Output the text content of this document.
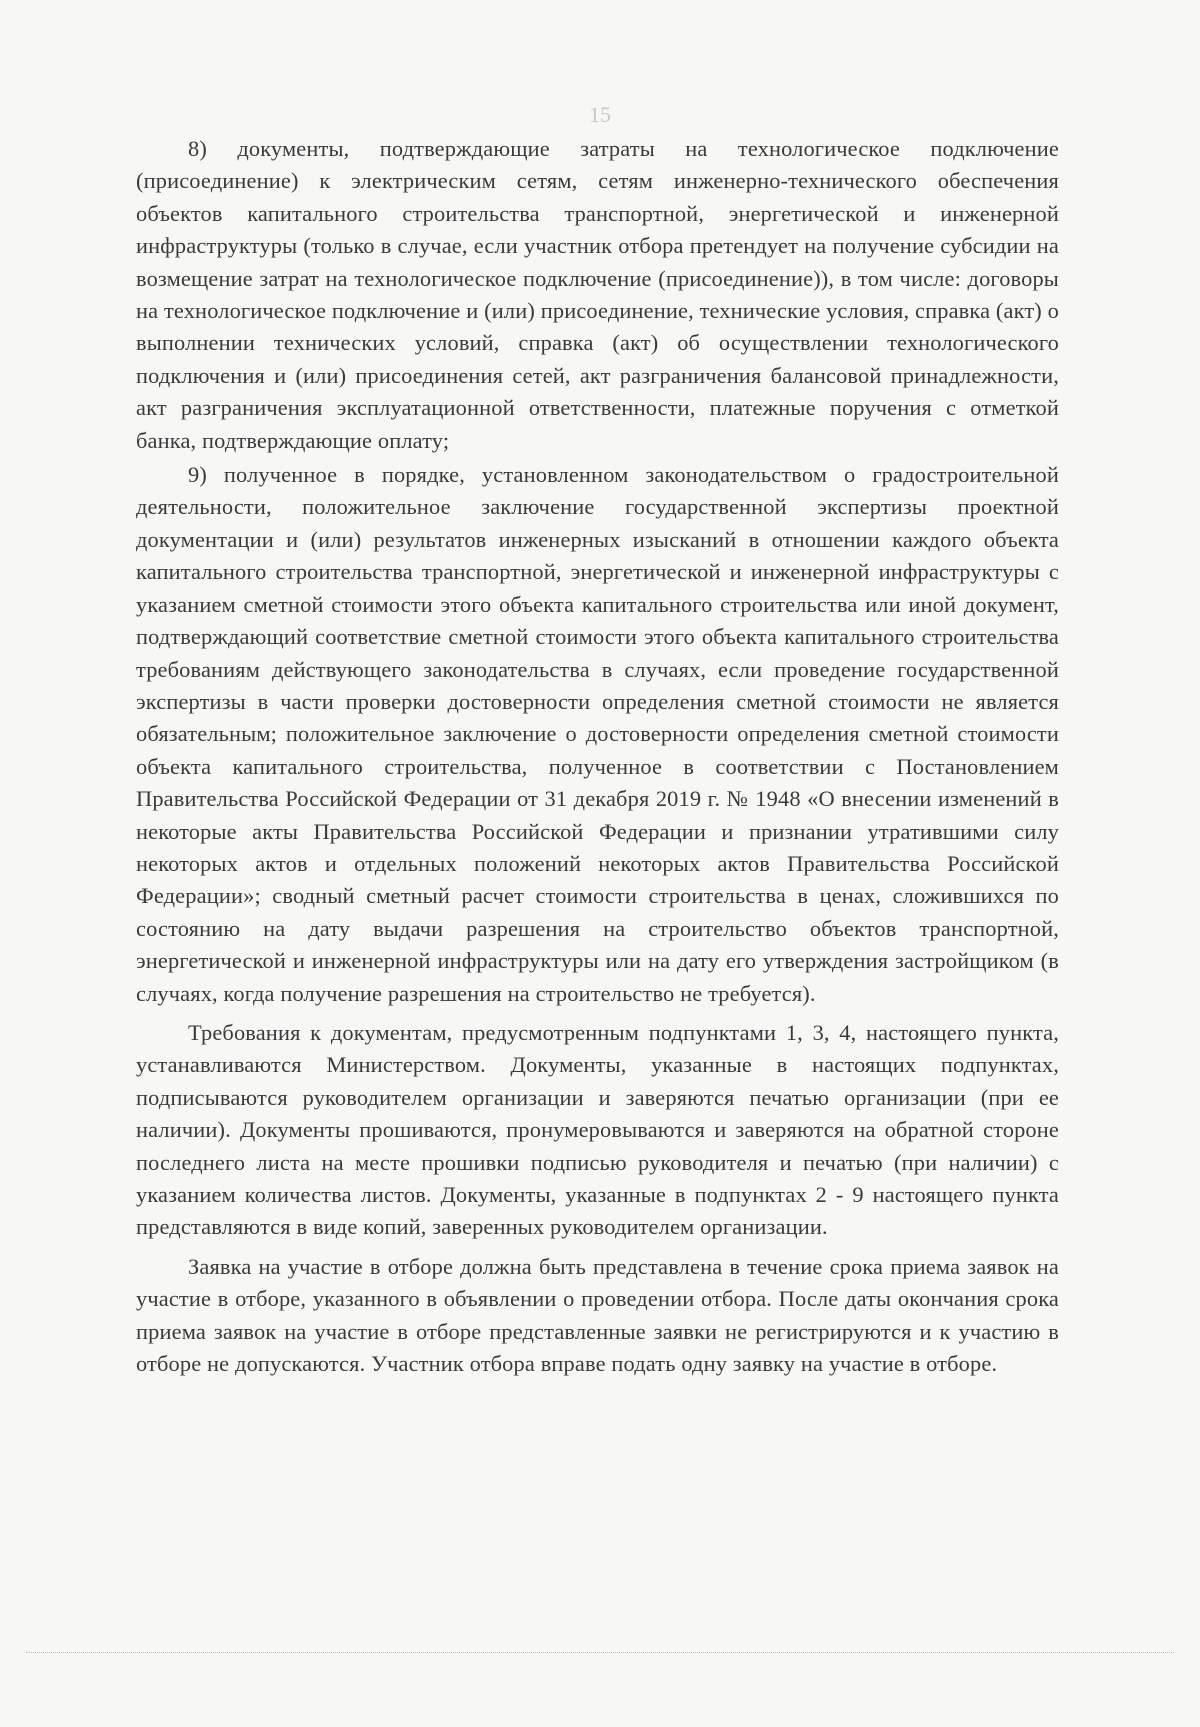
15

8) документы, подтверждающие затраты на технологическое подключение (присоединение) к электрическим сетям, сетям инженерно-технического обеспечения объектов капитального строительства транспортной, энергетической и инженерной инфраструктуры (только в случае, если участник отбора претендует на получение субсидии на возмещение затрат на технологическое подключение (присоединение)), в том числе: договоры на технологическое подключение и (или) присоединение, технические условия, справка (акт) о выполнении технических условий, справка (акт) об осуществлении технологического подключения и (или) присоединения сетей, акт разграничения балансовой принадлежности, акт разграничения эксплуатационной ответственности, платежные поручения с отметкой банка, подтверждающие оплату;

9) полученное в порядке, установленном законодательством о градостроительной деятельности, положительное заключение государственной экспертизы проектной документации и (или) результатов инженерных изысканий в отношении каждого объекта капитального строительства транспортной, энергетической и инженерной инфраструктуры с указанием сметной стоимости этого объекта капитального строительства или иной документ, подтверждающий соответствие сметной стоимости этого объекта капитального строительства требованиям действующего законодательства в случаях, если проведение государственной экспертизы в части проверки достоверности определения сметной стоимости не является обязательным; положительное заключение о достоверности определения сметной стоимости объекта капитального строительства, полученное в соответствии с Постановлением Правительства Российской Федерации от 31 декабря 2019 г. № 1948 «О внесении изменений в некоторые акты Правительства Российской Федерации и признании утратившими силу некоторых актов и отдельных положений некоторых актов Правительства Российской Федерации»; сводный сметный расчет стоимости строительства в ценах, сложившихся по состоянию на дату выдачи разрешения на строительство объектов транспортной, энергетической и инженерной инфраструктуры или на дату его утверждения застройщиком (в случаях, когда получение разрешения на строительство не требуется).

Требования к документам, предусмотренным подпунктами 1, 3, 4, настоящего пункта, устанавливаются Министерством. Документы, указанные в настоящих подпунктах, подписываются руководителем организации и заверяются печатью организации (при ее наличии). Документы прошиваются, пронумеровываются и заверяются на обратной стороне последнего листа на месте прошивки подписью руководителя и печатью (при наличии) с указанием количества листов. Документы, указанные в подпунктах 2 - 9 настоящего пункта представляются в виде копий, заверенных руководителем организации.

Заявка на участие в отборе должна быть представлена в течение срока приема заявок на участие в отборе, указанного в объявлении о проведении отбора. После даты окончания срока приема заявок на участие в отборе представленные заявки не регистрируются и к участию в отборе не допускаются. Участник отбора вправе подать одну заявку на участие в отборе.
